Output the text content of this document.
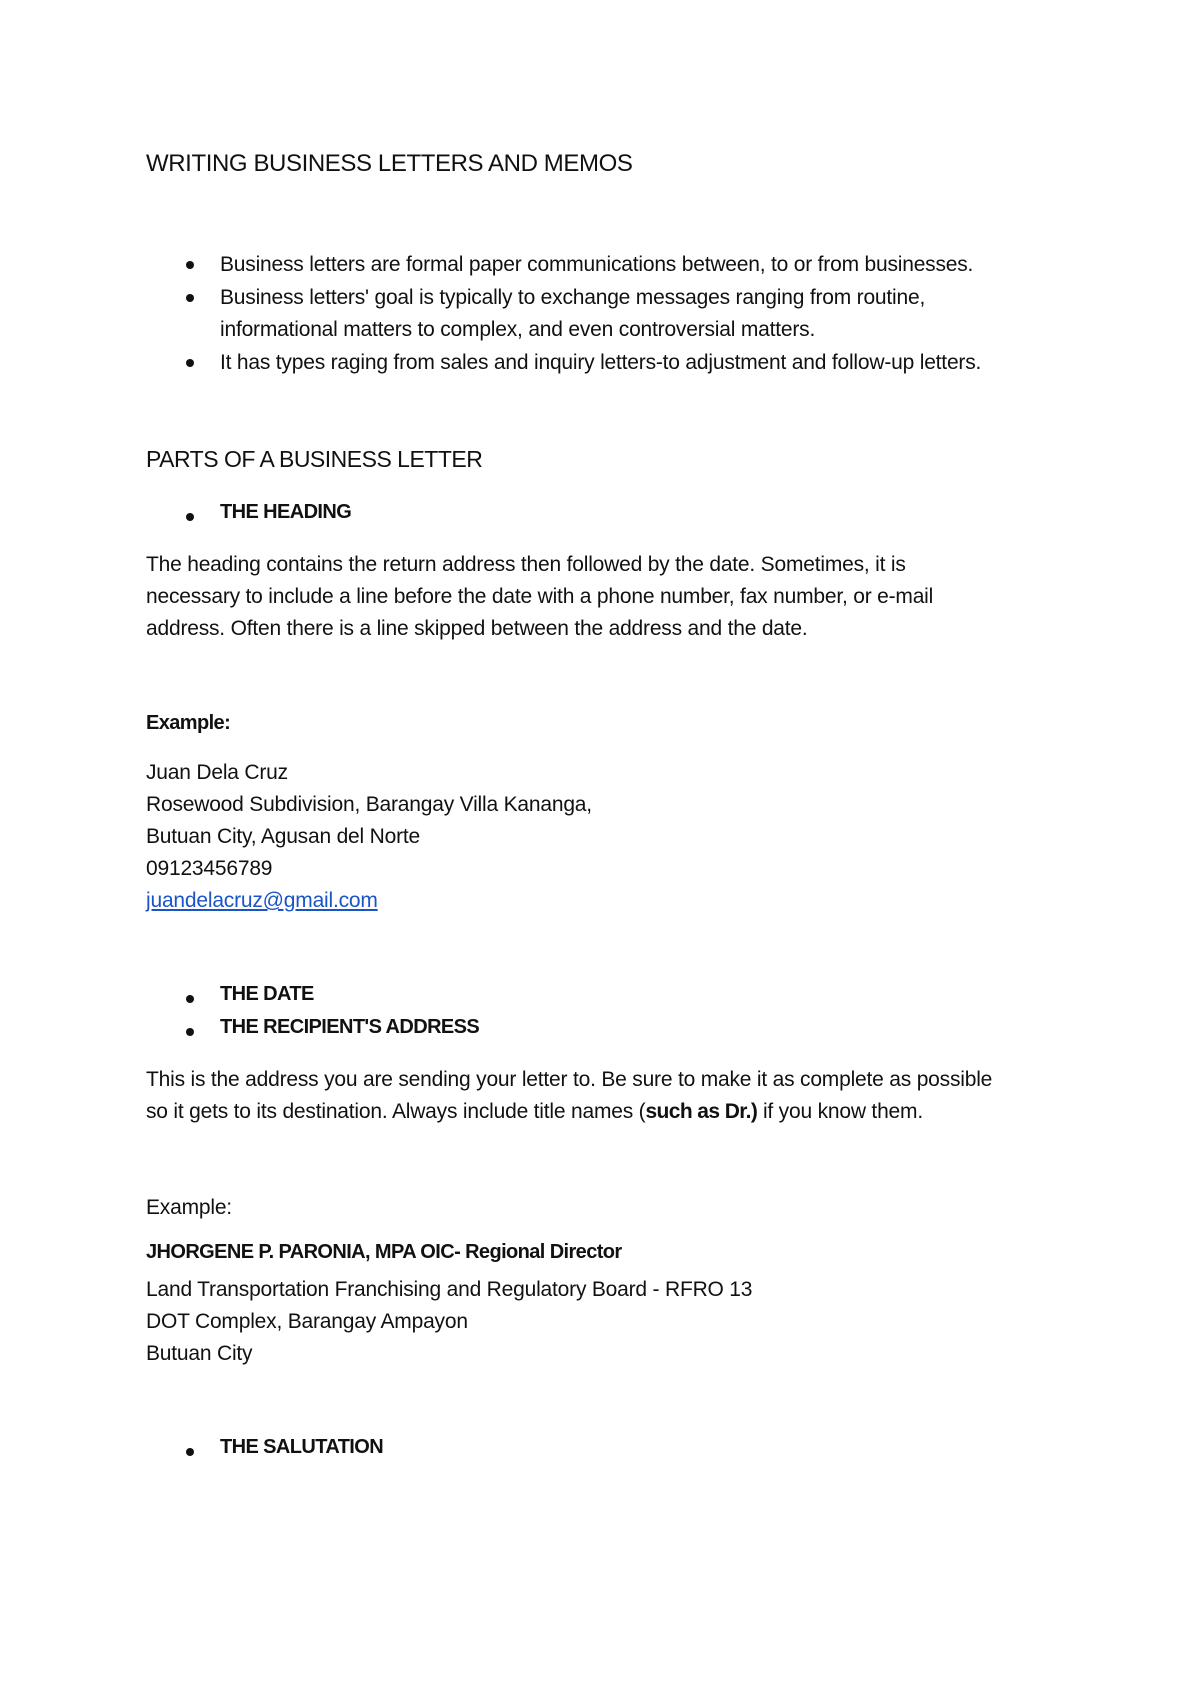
WRITING BUSINESS LETTERS AND MEMOS
Business letters are formal paper communications between, to or from businesses.
Business letters' goal is typically to exchange messages ranging from routine,
informational matters to complex, and even controversial matters.
It has types raging from sales and inquiry letters-to adjustment and follow-up letters.
PARTS OF A BUSINESS LETTER
THE HEADING
The heading contains the return address then followed by the date. Sometimes, it is
necessary to include a line before the date with a phone number, fax number, or e-mail
address. Often there is a line skipped between the address and the date.
Example:
Juan Dela Cruz
Rosewood Subdivision, Barangay Villa Kananga,
Butuan City, Agusan del Norte
09123456789
juandelacruz@gmail.com
THE DATE
THE RECIPIENT'S ADDRESS
This is the address you are sending your letter to. Be sure to make it as complete as possible
so it gets to its destination. Always include title names (such as Dr.) if you know them.
Example:
JHORGENE P. PARONIA, MPA OIC- Regional Director
Land Transportation Franchising and Regulatory Board - RFRO 13
DOT Complex, Barangay Ampayon
Butuan City
THE SALUTATION
